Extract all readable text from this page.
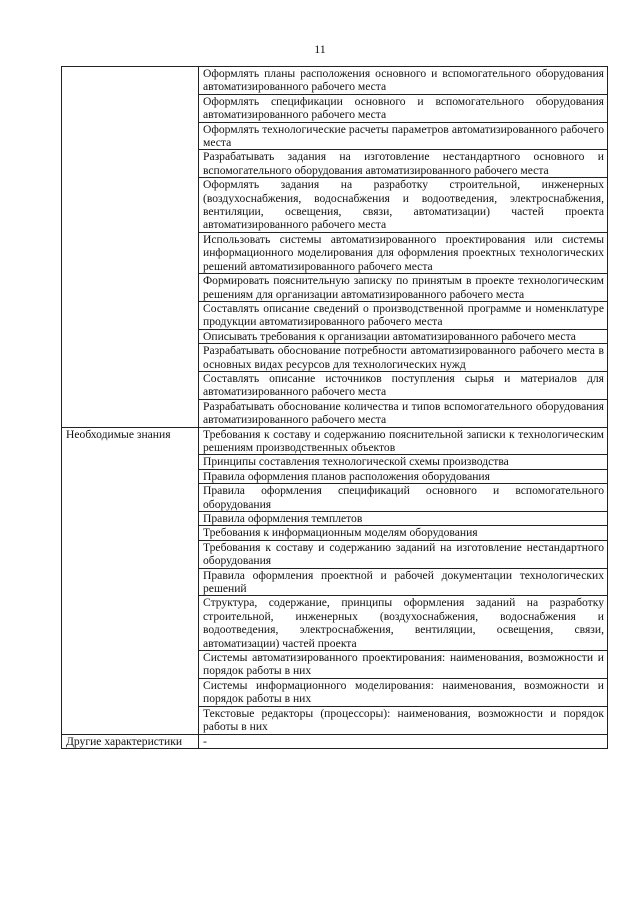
11
	Оформлять планы расположения основного и вспомогательного оборудования автоматизированного рабочего места
	Оформлять спецификации основного и вспомогательного оборудования автоматизированного рабочего места
	Оформлять технологические расчеты параметров автоматизированного рабочего места
	Разрабатывать задания на изготовление нестандартного основного и вспомогательного оборудования автоматизированного рабочего места
	Оформлять задания на разработку строительной, инженерных (воздухоснабжения, водоснабжения и водоотведения, электроснабжения, вентиляции, освещения, связи, автоматизации) частей проекта автоматизированного рабочего места
	Использовать системы автоматизированного проектирования или системы информационного моделирования для оформления проектных технологических решений автоматизированного рабочего места
	Формировать пояснительную записку по принятым в проекте технологическим решениям для организации автоматизированного рабочего места
	Составлять описание сведений о производственной программе и номенклатуре продукции автоматизированного рабочего места
	Описывать требования к организации автоматизированного рабочего места
	Разрабатывать обоснование потребности автоматизированного рабочего места в основных видах ресурсов для технологических нужд
	Составлять описание источников поступления сырья и материалов для автоматизированного рабочего места
	Разрабатывать обоснование количества и типов вспомогательного оборудования автоматизированного рабочего места
Необходимые знания	Требования к составу и содержанию пояснительной записки к технологическим решениям производственных объектов
	Принципы составления технологической схемы производства
	Правила оформления планов расположения оборудования
	Правила оформления спецификаций основного и вспомогательного оборудования
	Правила оформления темплетов
	Требования к информационным моделям оборудования
	Требования к составу и содержанию заданий на изготовление нестандартного оборудования
	Правила оформления проектной и рабочей документации технологических решений
	Структура, содержание, принципы оформления заданий на разработку строительной, инженерных (воздухоснабжения, водоснабжения и водоотведения, электроснабжения, вентиляции, освещения, связи, автоматизации) частей проекта
	Системы автоматизированного проектирования: наименования, возможности и порядок работы в них
	Системы информационного моделирования: наименования, возможности и порядок работы в них
	Текстовые редакторы (процессоры): наименования, возможности и порядок работы в них
Другие характеристики	-
